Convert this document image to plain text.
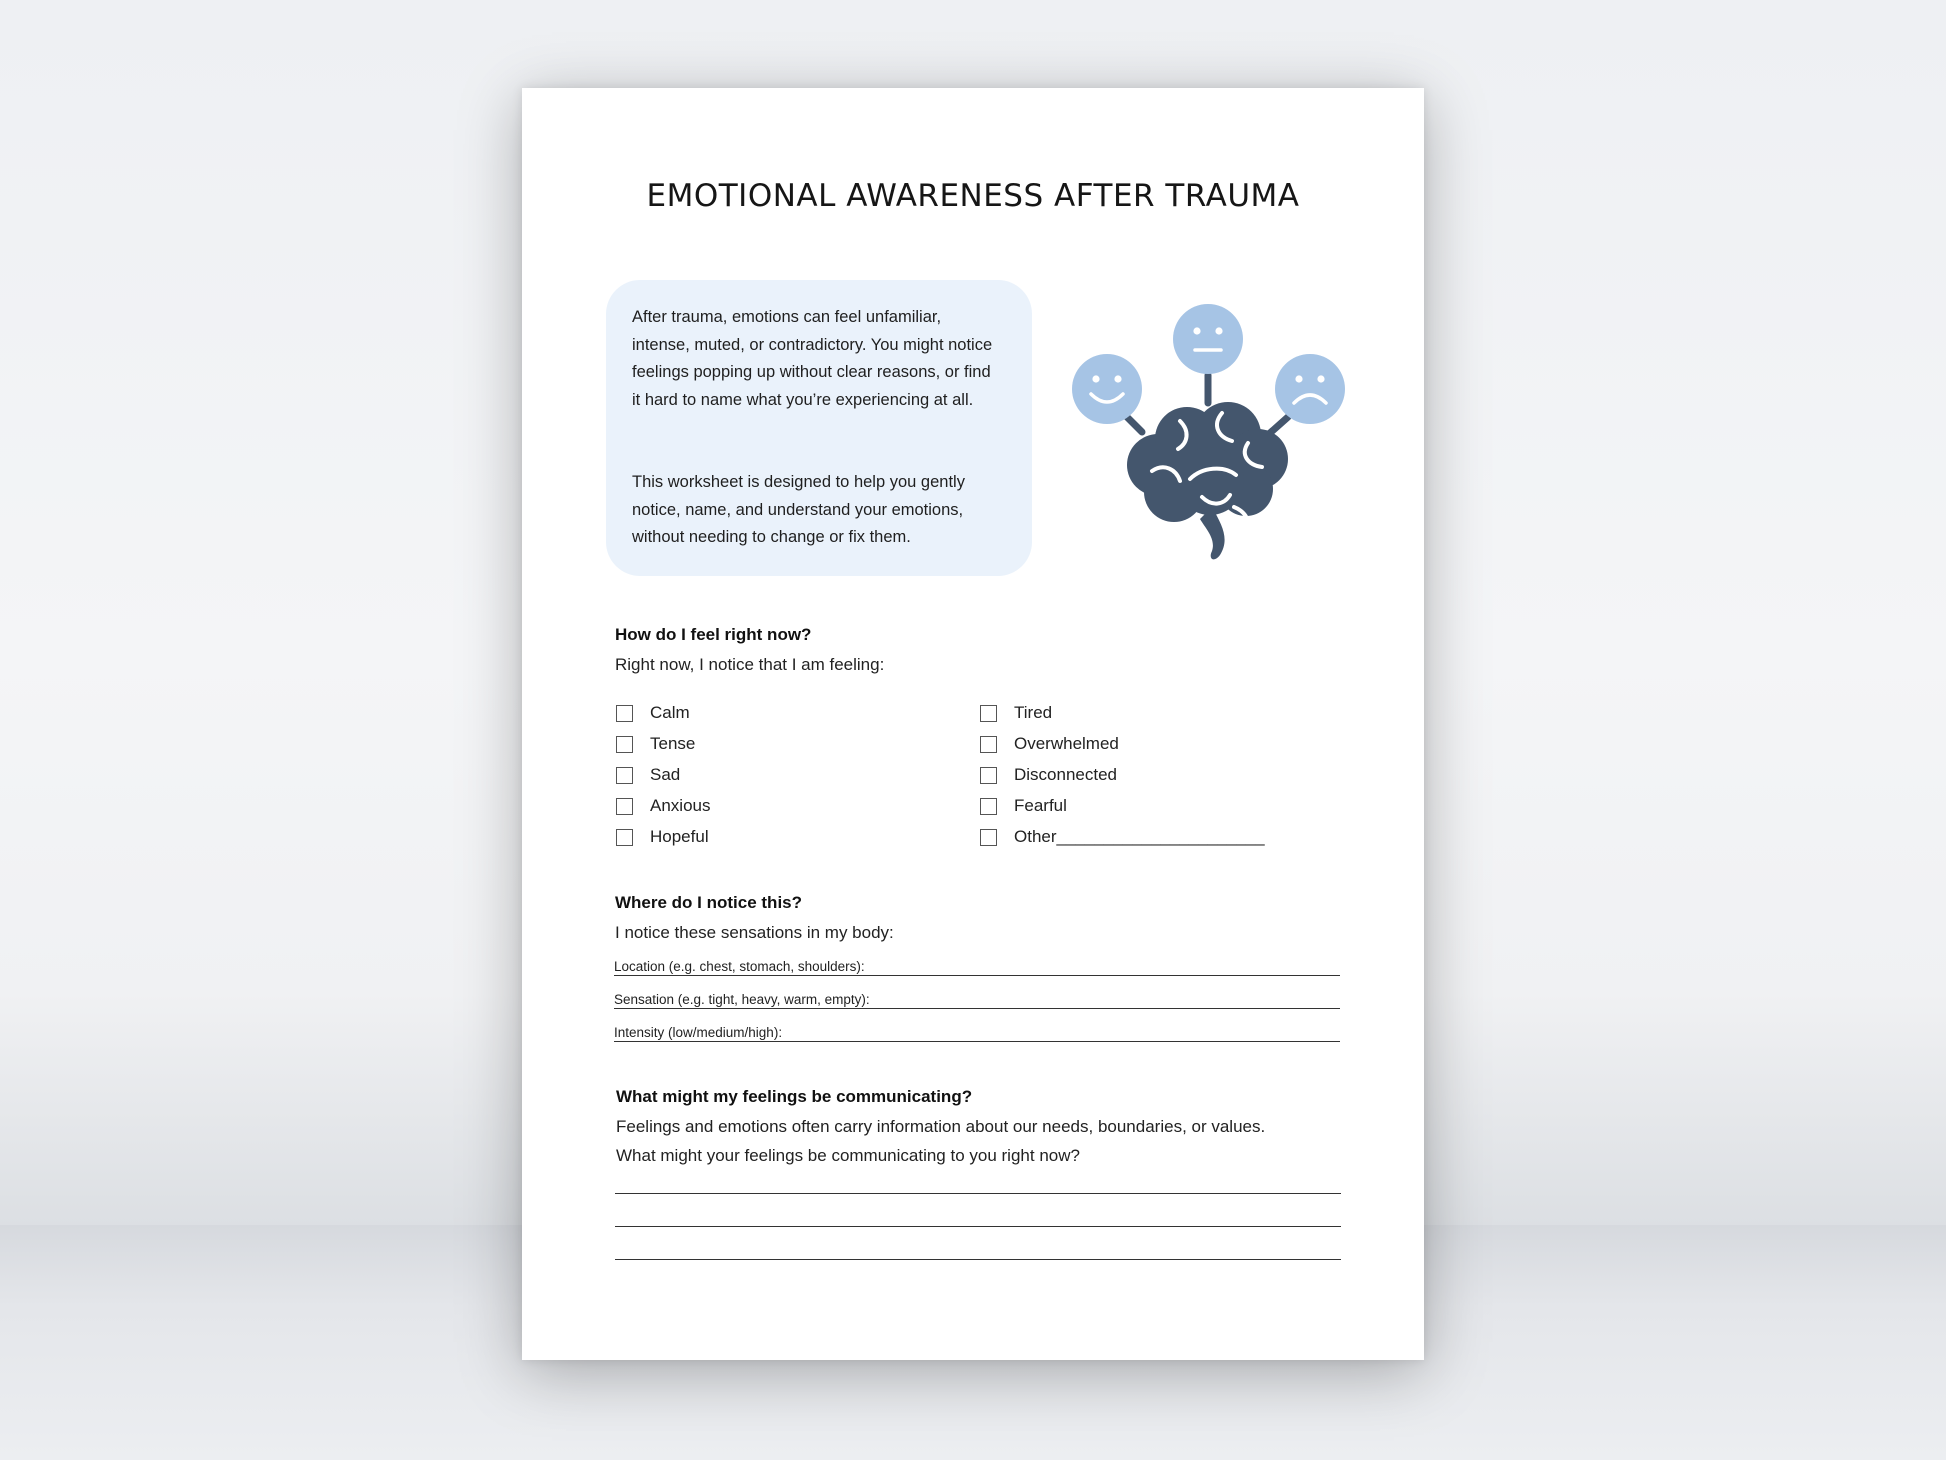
EMOTIONAL AWARENESS AFTER TRAUMA

After trauma, emotions can feel unfamiliar, intense, muted, or contradictory. You might notice feelings popping up without clear reasons, or find it hard to name what you’re experiencing at all.

This worksheet is designed to help you gently notice, name, and understand your emotions, without needing to change or fix them.

How do I feel right now?
Right now, I notice that I am feeling:
Calm
Tense
Sad
Anxious
Hopeful
Tired
Overwhelmed
Disconnected
Fearful
Other______________________
Where do I notice this?
I notice these sensations in my body:
Location (e.g. chest, stomach, shoulders):
Sensation (e.g. tight, heavy, warm, empty):
Intensity (low/medium/high):
What might my feelings be communicating?
Feelings and emotions often carry information about our needs, boundaries, or values.
What might your feelings be communicating to you right now?
